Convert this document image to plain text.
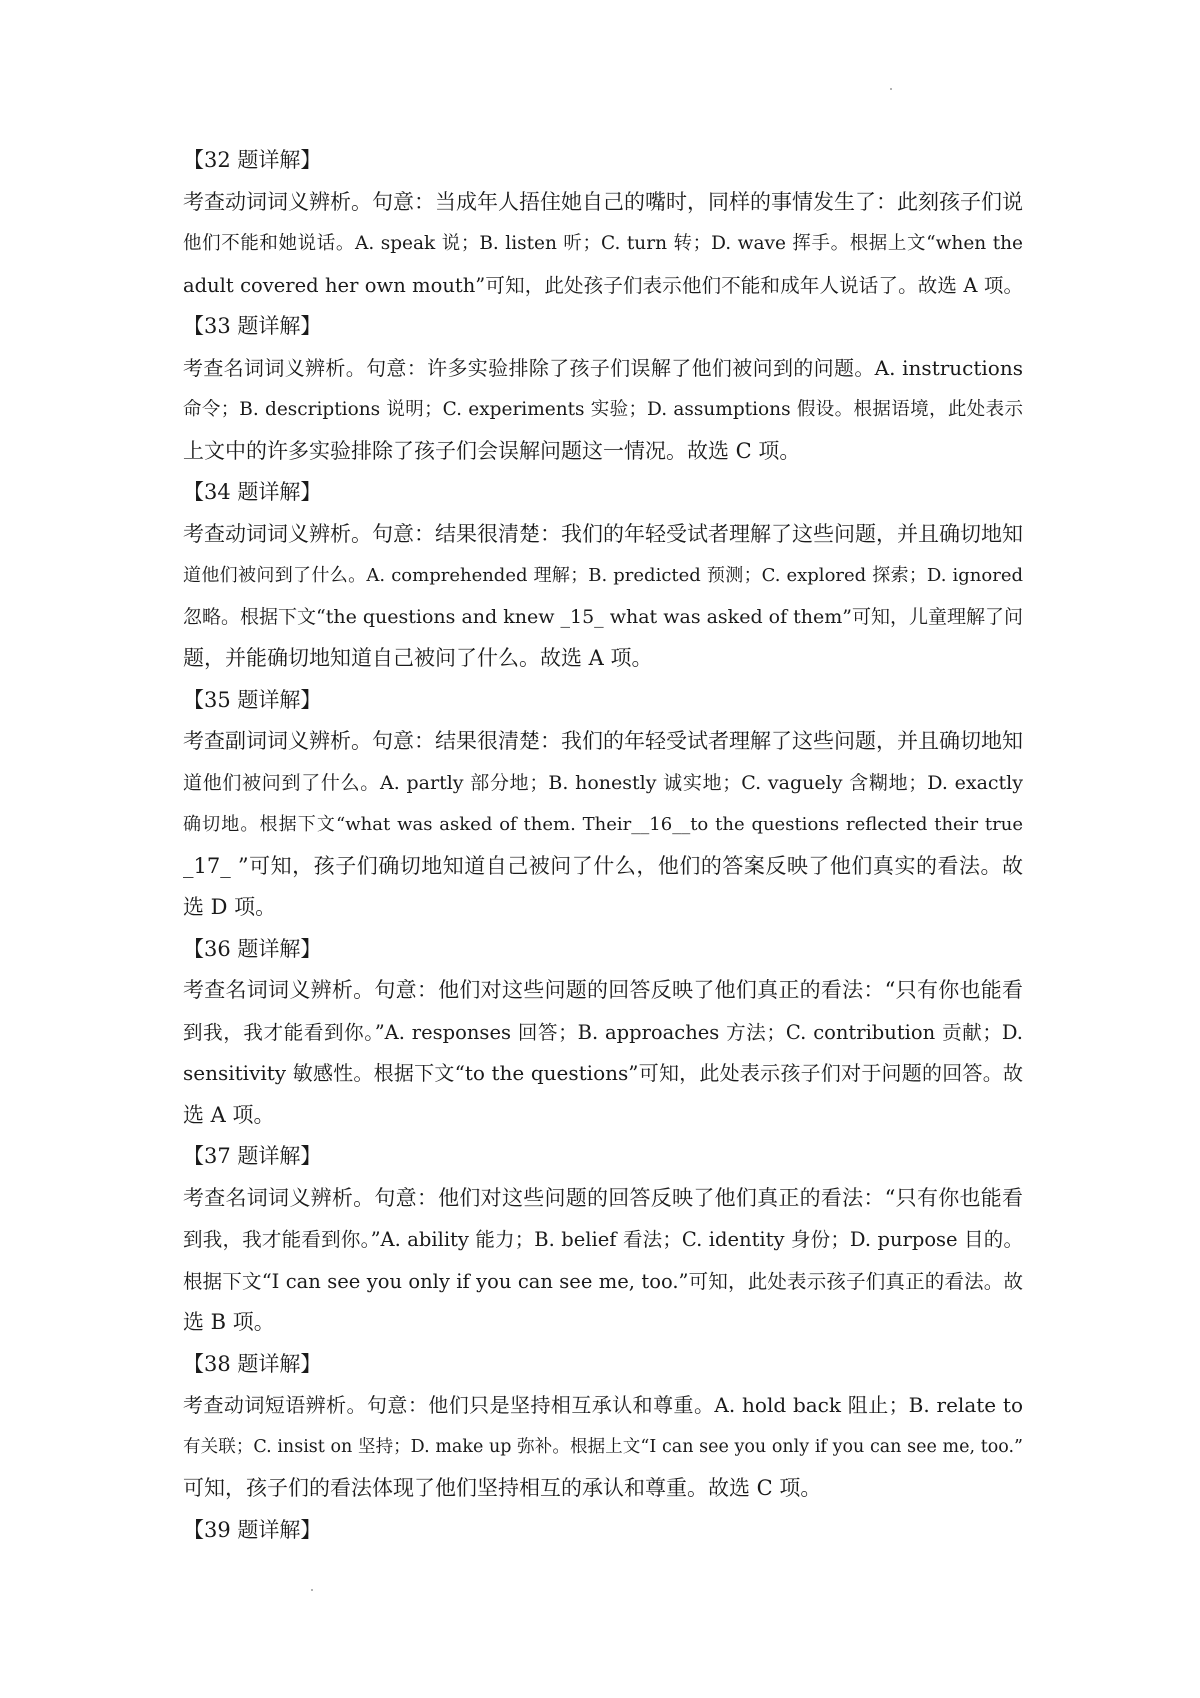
【32 题详解】
考查动词词义辨析。句意：当成年人捂住她自己的嘴时，同样的事情发生了：此刻孩子们说
他们不能和她说话。A. speak 说；B. listen 听；C. turn 转；D. wave 挥手。根据上文“when the
adult covered her own mouth”可知，此处孩子们表示他们不能和成年人说话了。故选 A 项。
【33 题详解】
考查名词词义辨析。句意：许多实验排除了孩子们误解了他们被问到的问题。A. instructions
命令；B. descriptions 说明；C. experiments 实验；D. assumptions 假设。根据语境，此处表示
上文中的许多实验排除了孩子们会误解问题这一情况。故选 C 项。
【34 题详解】
考查动词词义辨析。句意：结果很清楚：我们的年轻受试者理解了这些问题，并且确切地知
道他们被问到了什么。A. comprehended 理解；B. predicted 预测；C. explored 探索；D. ignored
忽略。根据下文“the questions and knew _15_ what was asked of them”可知，儿童理解了问
题，并能确切地知道自己被问了什么。故选 A 项。
【35 题详解】
考查副词词义辨析。句意：结果很清楚：我们的年轻受试者理解了这些问题，并且确切地知
道他们被问到了什么。A. partly 部分地；B. honestly 诚实地；C. vaguely 含糊地；D. exactly
确切地。根据下文“what was asked of them. Their__16__to the questions reflected their true
_17_ ”可知，孩子们确切地知道自己被问了什么，他们的答案反映了他们真实的看法。故
选 D 项。
【36 题详解】
考查名词词义辨析。句意：他们对这些问题的回答反映了他们真正的看法：“只有你也能看
到我，我才能看到你。”A. responses 回答；B. approaches 方法；C. contribution 贡献；D.
sensitivity 敏感性。根据下文“to the questions”可知，此处表示孩子们对于问题的回答。故
选 A 项。
【37 题详解】
考查名词词义辨析。句意：他们对这些问题的回答反映了他们真正的看法：“只有你也能看
到我，我才能看到你。”A. ability 能力；B. belief 看法；C. identity 身份；D. purpose 目的。
根据下文“I can see you only if you can see me, too.”可知，此处表示孩子们真正的看法。故
选 B 项。
【38 题详解】
考查动词短语辨析。句意：他们只是坚持相互承认和尊重。A. hold back 阻止；B. relate to
有关联；C. insist on 坚持；D. make up 弥补。根据上文“I can see you only if you can see me, too.”
可知，孩子们的看法体现了他们坚持相互的承认和尊重。故选 C 项。
【39 题详解】
